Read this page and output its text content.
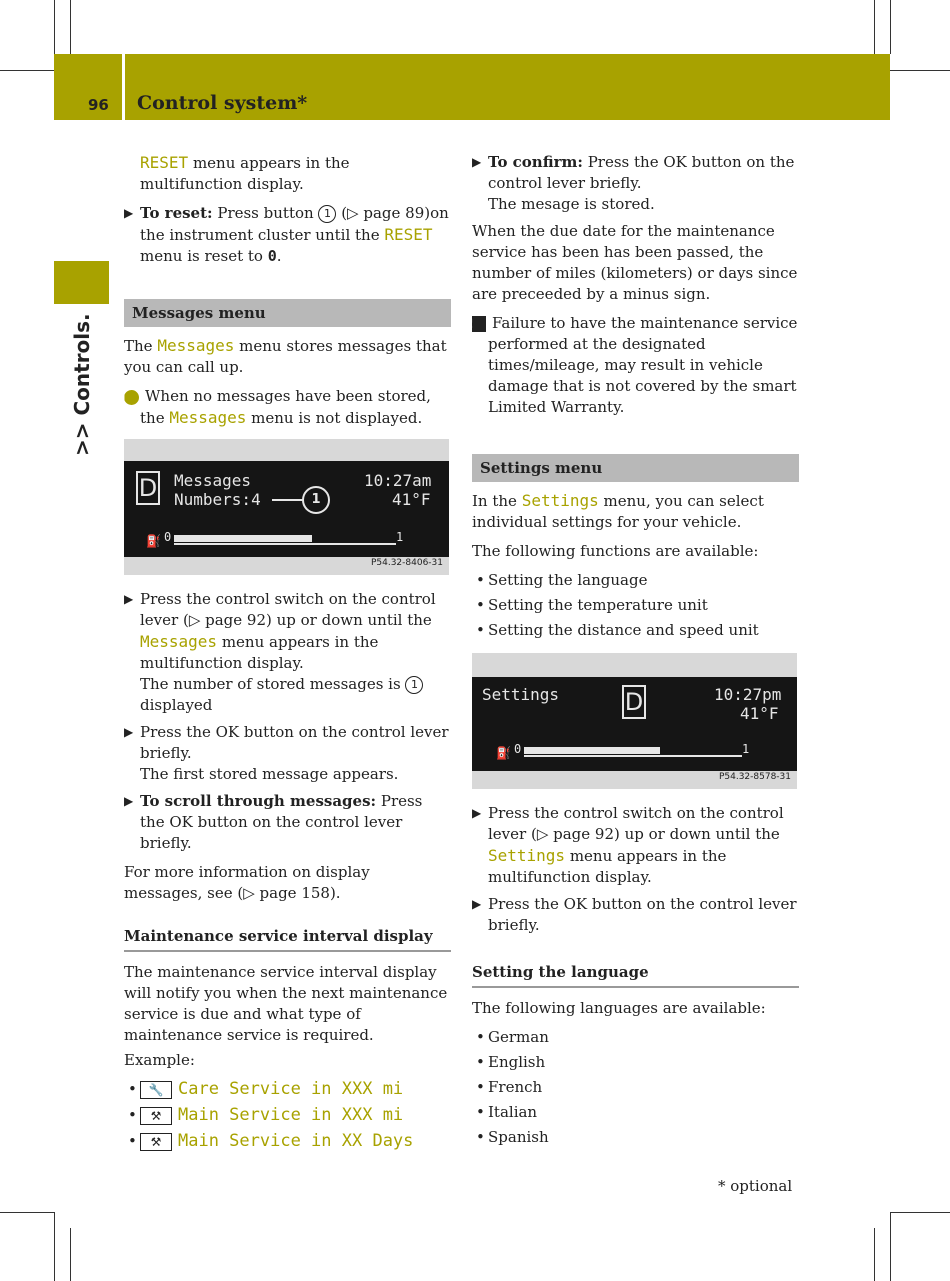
96 Control system*
>> Controls.
RESET menu appears in the multifunction display.
▶ To reset: Press button 1 (▷ page 89)on the instrument cluster until the RESET menu is reset to 0.
Messages menu
The Messages menu stores messages that you can call up.
i When no messages have been stored, the Messages menu is not displayed.
D Messages
Numbers:4	1
10:27am
41°F
⛽ 0	1
P54.32-8406-31
▶ Press the control switch on the control lever (▷ page 92) up or down until the Messages menu appears in the multifunction display.
The number of stored messages is 1 displayed
▶ Press the OK button on the control lever briefly.
The first stored message appears.
▶ To scroll through messages: Press the OK button on the control lever briefly.
For more information on display messages, see (▷ page 158).
Maintenance service interval display
The maintenance service interval display will notify you when the next maintenance service is due and what type of maintenance service is required.
Example:
• 🔧 Care Service in XXX mi
• ⚒ Main Service in XXX mi
• ⚒ Main Service in XX Days
▶ To confirm: Press the OK button on the control lever briefly.
The mesage is stored.
When the due date for the maintenance service has been has been passed, the number of miles (kilometers) or days since are preceeded by a minus sign.
! Failure to have the maintenance service performed at the designated times/mileage, may result in vehicle damage that is not covered by the smart Limited Warranty.
Settings menu
In the Settings menu, you can select individual settings for your vehicle.
The following functions are available:
• Setting the language
• Setting the temperature unit
• Setting the distance and speed unit
Settings	D	10:27pm
41°F
⛽ 0	1
P54.32-8578-31
▶ Press the control switch on the control lever (▷ page 92) up or down until the Settings menu appears in the multifunction display.
▶ Press the OK button on the control lever briefly.
Setting the language
The following languages are available:
• German
• English
• French
• Italian
• Spanish
* optional
